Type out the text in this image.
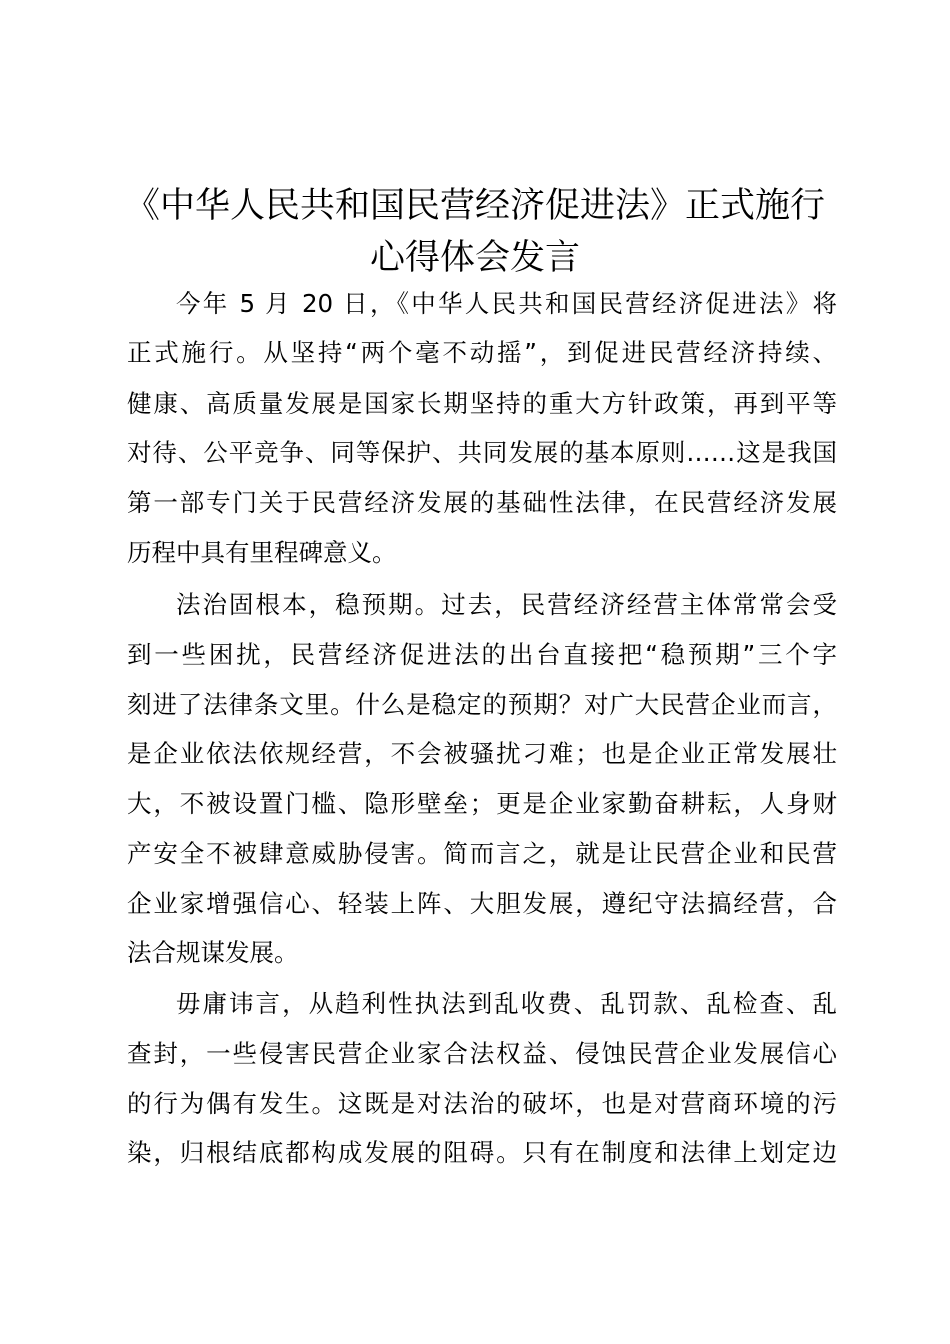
《中华人民共和国民营经济促进法》正式施行
心得体会发言
今年 5 月 20 日，《中华人民共和国民营经济促进法》将
正式施行。从坚持“两个毫不动摇”，到促进民营经济持续、
健康、高质量发展是国家长期坚持的重大方针政策，再到平等
对待、公平竞争、同等保护、共同发展的基本原则……这是我国
第一部专门关于民营经济发展的基础性法律，在民营经济发展
历程中具有里程碑意义。
法治固根本，稳预期。过去，民营经济经营主体常常会受
到一些困扰，民营经济促进法的出台直接把“稳预期”三个字
刻进了法律条文里。什么是稳定的预期？对广大民营企业而言，
是企业依法依规经营，不会被骚扰刁难；也是企业正常发展壮
大，不被设置门槛、隐形壁垒；更是企业家勤奋耕耘，人身财
产安全不被肆意威胁侵害。简而言之，就是让民营企业和民营
企业家增强信心、轻装上阵、大胆发展，遵纪守法搞经营，合
法合规谋发展。
毋庸讳言，从趋利性执法到乱收费、乱罚款、乱检查、乱
查封，一些侵害民营企业家合法权益、侵蚀民营企业发展信心
的行为偶有发生。这既是对法治的破坏，也是对营商环境的污
染，归根结底都构成发展的阻碍。只有在制度和法律上划定边
